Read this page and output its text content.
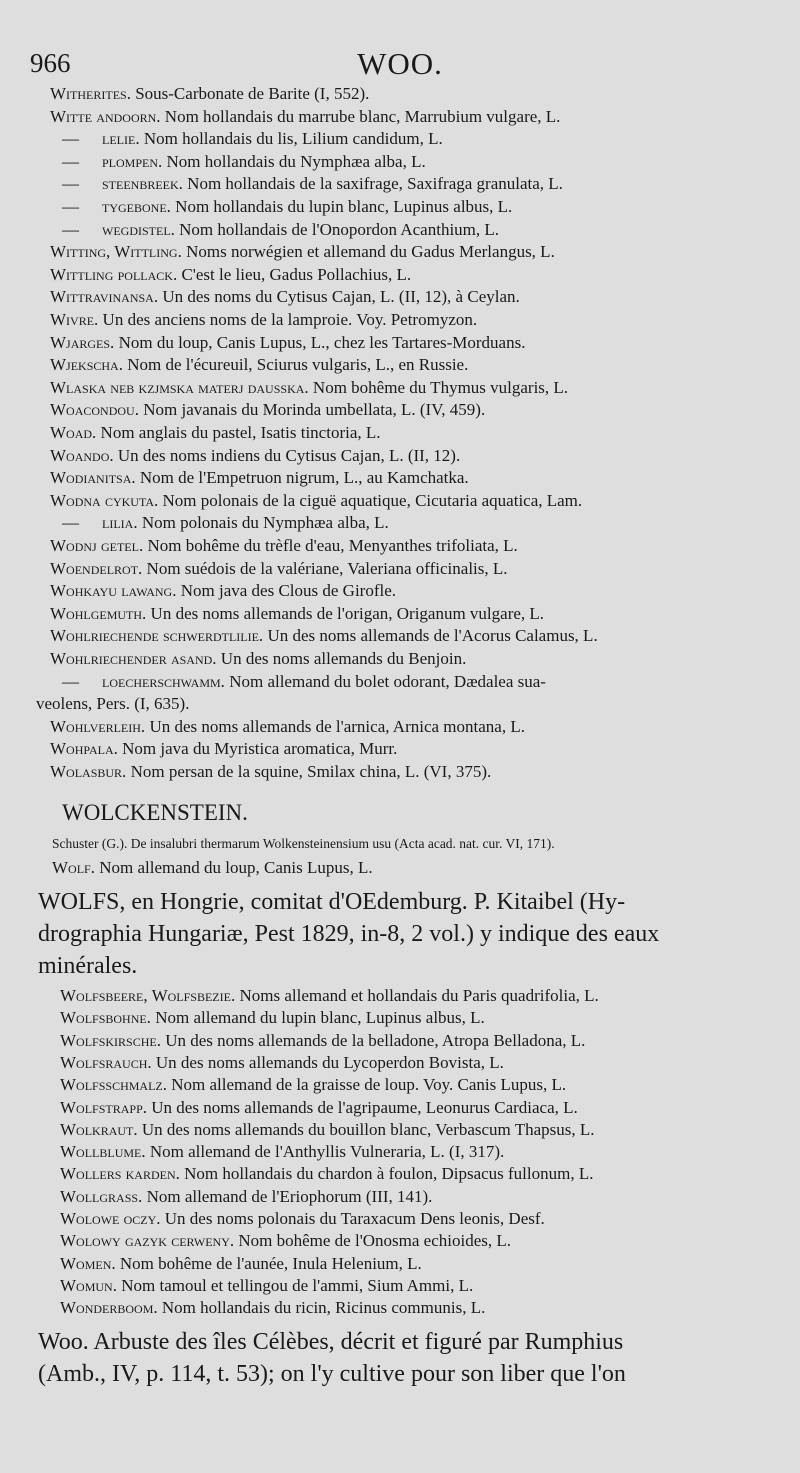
966	WOO.
Witherites. Sous-Carbonate de Barite (I, 552).
Witte andoorn. Nom hollandais du marrube blanc, Marrubium vulgare, L.
— lelie. Nom hollandais du lis, Lilium candidum, L.
— plompen. Nom hollandais du Nymphæa alba, L.
— steenbreek. Nom hollandais de la saxifrage, Saxifraga granulata, L.
— tygebone. Nom hollandais du lupin blanc, Lupinus albus, L.
— wegdistel. Nom hollandais de l'Onopordon Acanthium, L.
Witting, Wittling. Noms norwégien et allemand du Gadus Merlangus, L.
Wittling pollack. C'est le lieu, Gadus Pollachius, L.
Wittravinansa. Un des noms du Cytisus Cajan, L. (II, 12), à Ceylan.
Wivre. Un des anciens noms de la lamproie. Voy. Petromyzon.
Wjarges. Nom du loup, Canis Lupus, L., chez les Tartares-Morduans.
Wjekscha. Nom de l'écureuil, Sciurus vulgaris, L., en Russie.
Wlaska neb kzjmska materj dausska. Nom bohême du Thymus vulgaris, L.
Woacondou. Nom javanais du Morinda umbellata, L. (IV, 459).
Woad. Nom anglais du pastel, Isatis tinctoria, L.
Woando. Un des noms indiens du Cytisus Cajan, L. (II, 12).
Wodianitsa. Nom de l'Empetruon nigrum, L., au Kamchatka.
Wodna cykuta. Nom polonais de la ciguë aquatique, Cicutaria aquatica, Lam.
— lilia. Nom polonais du Nymphæa alba, L.
Wodnj getel. Nom bohême du trèfle d'eau, Menyanthes trifoliata, L.
Woendelrot. Nom suédois de la valériane, Valeriana officinalis, L.
Wohkayu lawang. Nom java des Clous de Girofle.
Wohlgemuth. Un des noms allemands de l'origan, Origanum vulgare, L.
Wohlriechende schwerdtlilie. Un des noms allemands de l'Acorus Calamus, L.
Wohlriechender asand. Un des noms allemands du Benjoin.
— loecherschwamm. Nom allemand du bolet odorant, Dædalea sua-
veolens, Pers. (I, 635).
Wohlverleih. Un des noms allemands de l'arnica, Arnica montana, L.
Wohpala. Nom java du Myristica aromatica, Murr.
Wolasbur. Nom persan de la squine, Smilax china, L. (VI, 375).
WOLCKENSTEIN.
Schuster (G.). De insalubri thermarum Wolkensteinensium usu (Acta acad. nat. cur. VI, 171).
Wolf. Nom allemand du loup, Canis Lupus, L.
WOLFS, en Hongrie, comitat d'OEdemburg. P. Kitaibel (Hy-
drographia Hungariæ, Pest 1829, in-8, 2 vol.) y indique des eaux
minérales.
Wolfsbeere, Wolfsbezie. Noms allemand et hollandais du Paris quadrifolia, L.
Wolfsbohne. Nom allemand du lupin blanc, Lupinus albus, L.
Wolfskirsche. Un des noms allemands de la belladone, Atropa Belladona, L.
Wolfsrauch. Un des noms allemands du Lycoperdon Bovista, L.
Wolfsschmalz. Nom allemand de la graisse de loup. Voy. Canis Lupus, L.
Wolfstrapp. Un des noms allemands de l'agripaume, Leonurus Cardiaca, L.
Wolkraut. Un des noms allemands du bouillon blanc, Verbascum Thapsus, L.
Wollblume. Nom allemand de l'Anthyllis Vulneraria, L. (I, 317).
Wollers karden. Nom hollandais du chardon à foulon, Dipsacus fullonum, L.
Wollgrass. Nom allemand de l'Eriophorum (III, 141).
Wolowe oczy. Un des noms polonais du Taraxacum Dens leonis, Desf.
Wolowy gazyk cerweny. Nom bohême de l'Onosma echioides, L.
Women. Nom bohême de l'aunée, Inula Helenium, L.
Womun. Nom tamoul et tellingou de l'ammi, Sium Ammi, L.
Wonderboom. Nom hollandais du ricin, Ricinus communis, L.
Woo. Arbuste des îles Célèbes, décrit et figuré par Rumphius
(Amb., IV, p. 114, t. 53); on l'y cultive pour son liber que l'on
